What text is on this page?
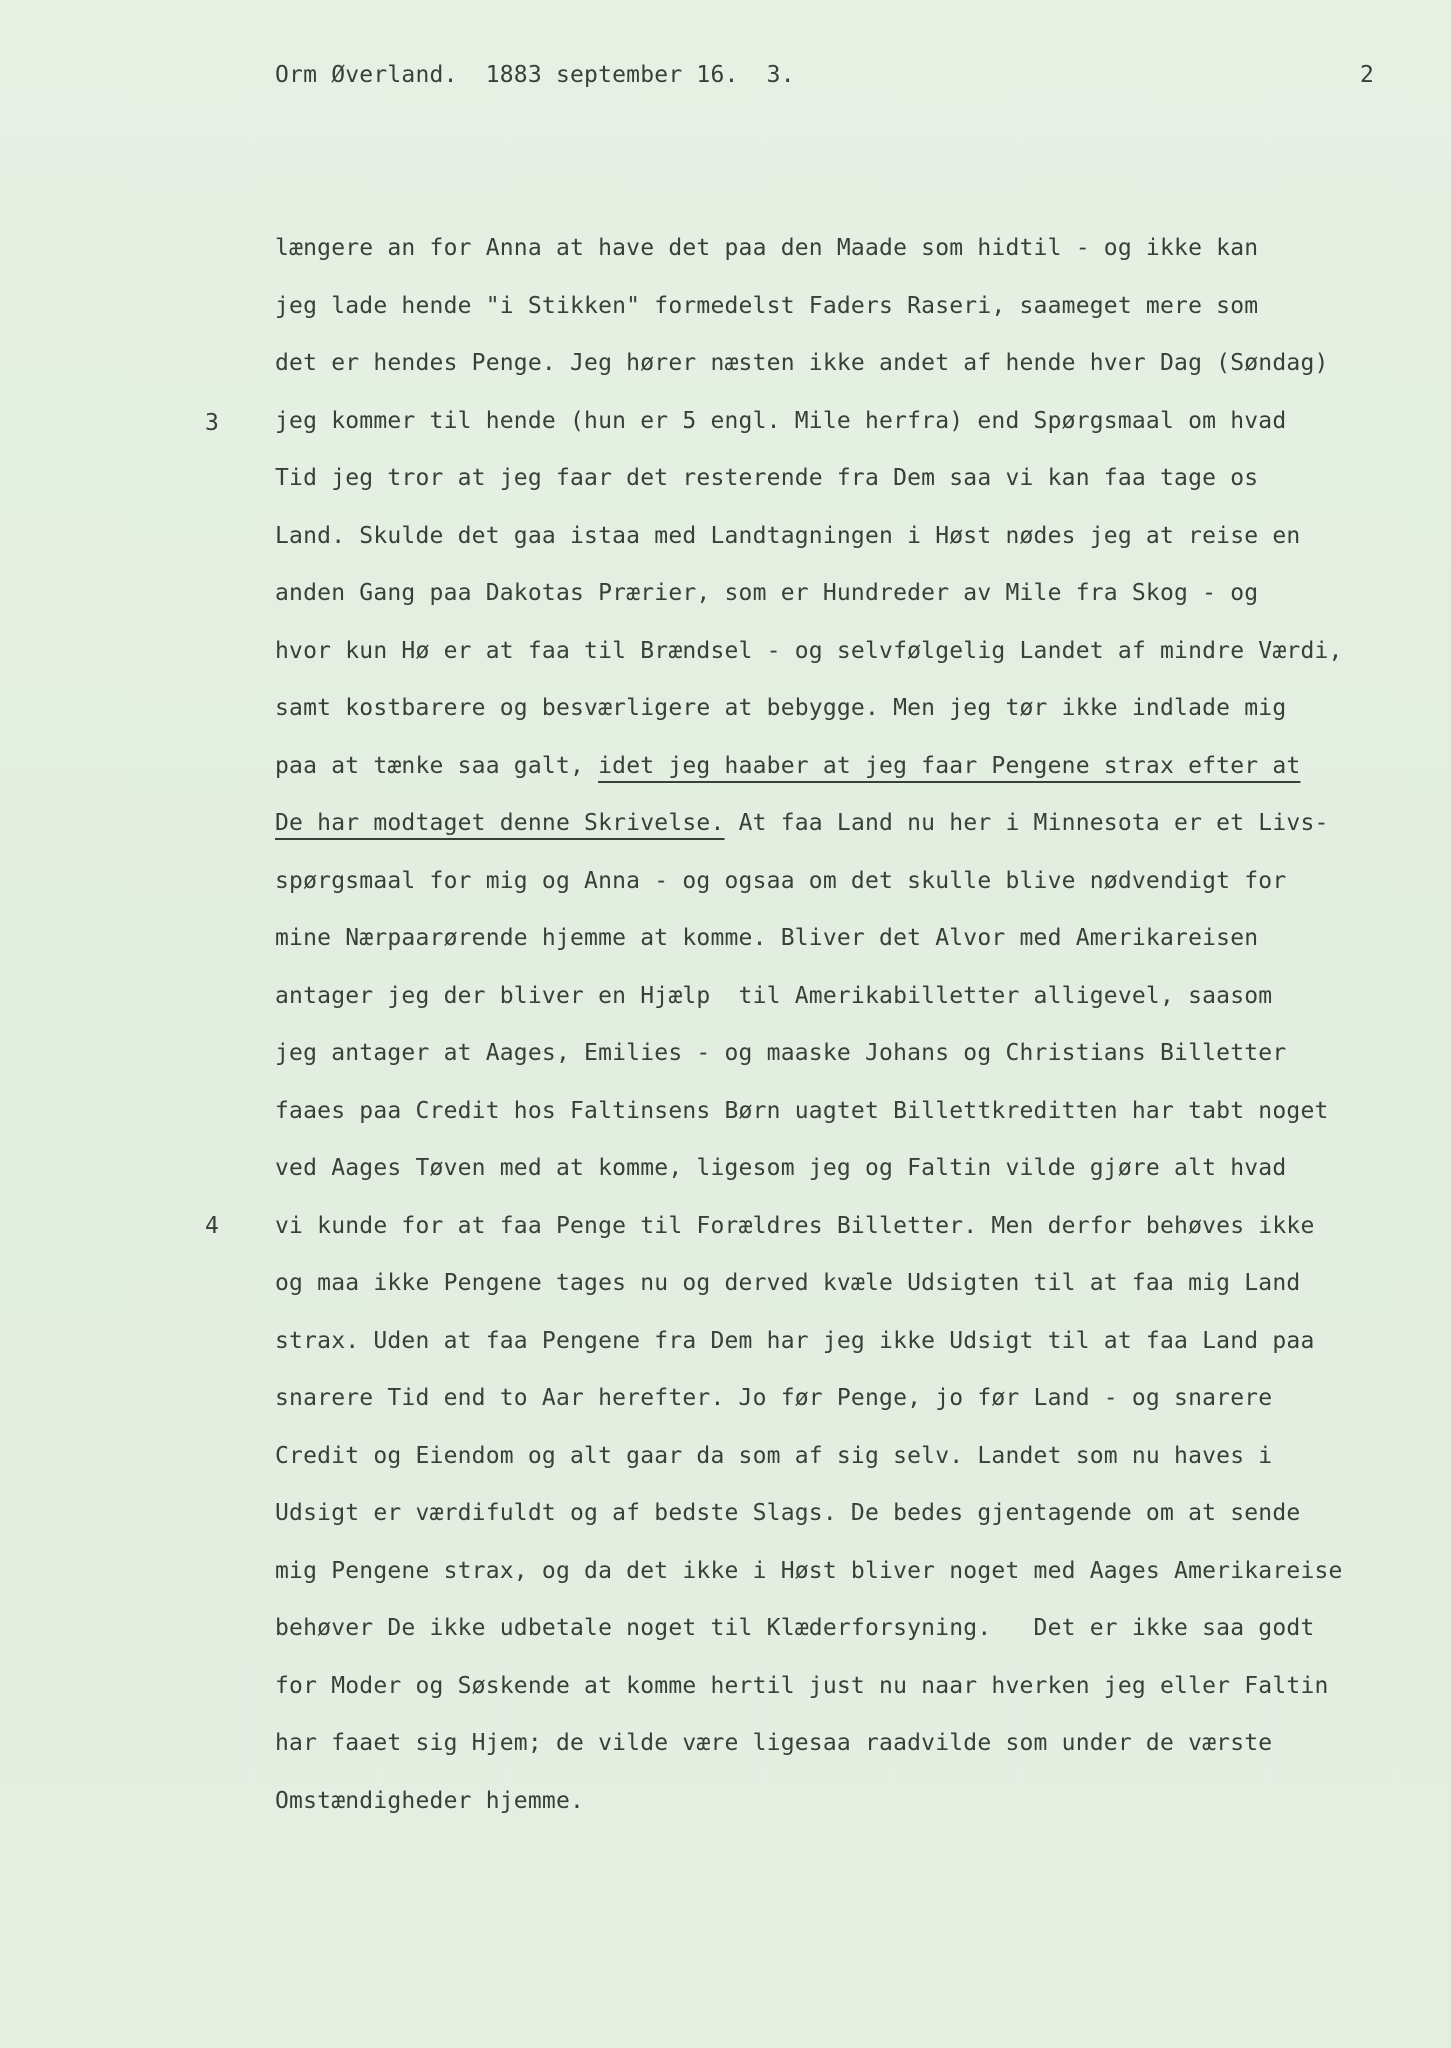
Orm Øverland.  1883 september 16.  3.	2
3
4
længere an for Anna at have det paa den Maade som hidtil - og ikke kan
jeg lade hende "i Stikken" formedelst Faders Raseri, saameget mere som
det er hendes Penge. Jeg hører næsten ikke andet af hende hver Dag (Søndag)
jeg kommer til hende (hun er 5 engl. Mile herfra) end Spørgsmaal om hvad
Tid jeg tror at jeg faar det resterende fra Dem saa vi kan faa tage os
Land. Skulde det gaa istaa med Landtagningen i Høst nødes jeg at reise en
anden Gang paa Dakotas Prærier, som er Hundreder av Mile fra Skog - og
hvor kun Hø er at faa til Brændsel - og selvfølgelig Landet af mindre Værdi,
samt kostbarere og besværligere at bebygge. Men jeg tør ikke indlade mig
paa at tænke saa galt, idet jeg haaber at jeg faar Pengene strax efter at
De har modtaget denne Skrivelse. At faa Land nu her i Minnesota er et Livs-
spørgsmaal for mig og Anna - og ogsaa om det skulle blive nødvendigt for
mine Nærpaarørende hjemme at komme. Bliver det Alvor med Amerikareisen
antager jeg der bliver en Hjælp  til Amerikabilletter alligevel, saasom
jeg antager at Aages, Emilies - og maaske Johans og Christians Billetter
faaes paa Credit hos Faltinsens Børn uagtet Billettkreditten har tabt noget
ved Aages Tøven med at komme, ligesom jeg og Faltin vilde gjøre alt hvad
vi kunde for at faa Penge til Forældres Billetter. Men derfor behøves ikke
og maa ikke Pengene tages nu og derved kvæle Udsigten til at faa mig Land
strax. Uden at faa Pengene fra Dem har jeg ikke Udsigt til at faa Land paa
snarere Tid end to Aar herefter. Jo før Penge, jo før Land - og snarere
Credit og Eiendom og alt gaar da som af sig selv. Landet som nu haves i
Udsigt er værdifuldt og af bedste Slags. De bedes gjentagende om at sende
mig Pengene strax, og da det ikke i Høst bliver noget med Aages Amerikareise
behøver De ikke udbetale noget til Klæderforsyning.   Det er ikke saa godt
for Moder og Søskende at komme hertil just nu naar hverken jeg eller Faltin
har faaet sig Hjem; de vilde være ligesaa raadvilde som under de værste
Omstændigheder hjemme.
